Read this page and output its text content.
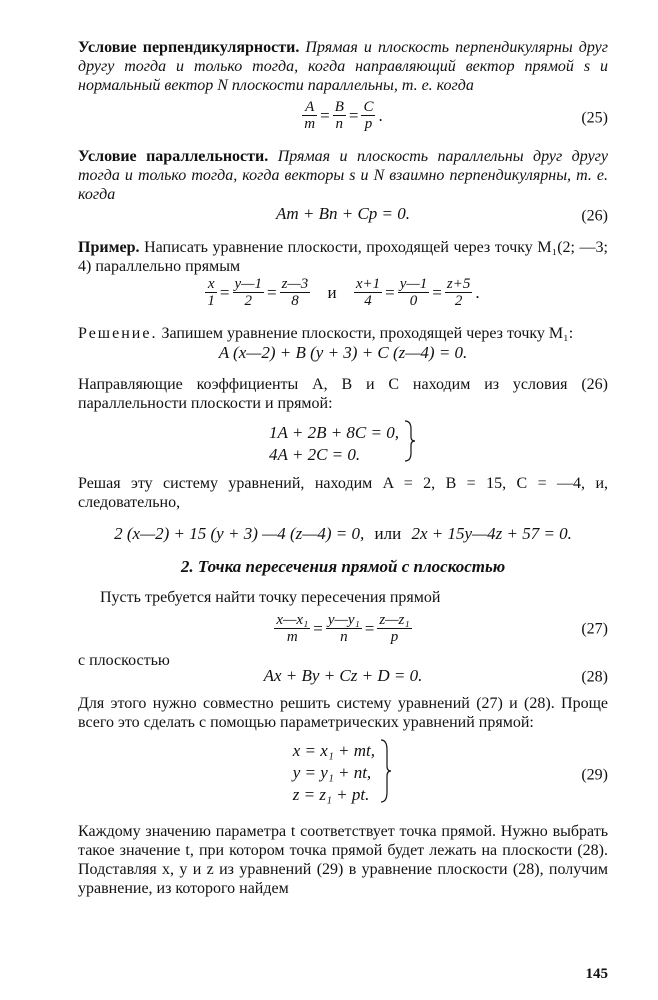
Условие перпендикулярности. Прямая и плоскость перпендикулярны друг другу тогда и только тогда, когда направляющий вектор прямой s и нормальный вектор N плоскости параллельны, т. е. когда

$\frac{A}{m} = \frac{B}{n} = \frac{C}{p}$ .	(25)

Условие параллельности. Прямая и плоскость параллельны друг другу тогда и только тогда, когда векторы s и N взаимно перпендикулярны, т. е. когда

Am + Bn + Cp = 0.	(26)

Пример. Написать уравнение плоскости, проходящей через точку M₁(2; —3; 4) параллельно прямым

$\frac{x}{1} = \frac{y—1}{2} = \frac{z—3}{8}$ и $\frac{x+1}{4} = \frac{y—1}{0} = \frac{z+5}{2}$ .

Решение. Запишем уравнение плоскости, проходящей через точку M₁:

A (x—2) + B (y + 3) + C (z—4) = 0.

Направляющие коэффициенты A, B и C находим из условия (26) параллельности плоскости и прямой:

1A + 2B + 8C = 0,
4A + 2C = 0.

Решая эту систему уравнений, находим A = 2, B = 15, C = —4, и, следовательно,

2 (x—2) + 15 (y + 3) —4 (z—4) = 0, или 2x + 15y—4z + 57 = 0.
2. Точка пересечения прямой с плоскостью

Пусть требуется найти точку пересечения прямой

$\frac{\text{x—x₁}}{m} = \frac{\text{y—y₁}}{n} = \frac{\text{z—z₁}}{p}$	(27)

с плоскостью

Ax + By + Cz + D = 0.	(28)

Для этого нужно совместно решить систему уравнений (27) и (28). Проще всего это сделать с помощью параметрических уравнений прямой:

x = x₁ + mt,
y = y₁ + nt,
z = z₁ + pt.

(29)

Каждому значению параметра t соответствует точка прямой. Нужно выбрать такое значение t, при котором точка прямой будет лежать на плоскости (28). Подставляя x, y и z из уравнений (29) в уравнение плоскости (28), получим уравнение, из которого найдем

145
